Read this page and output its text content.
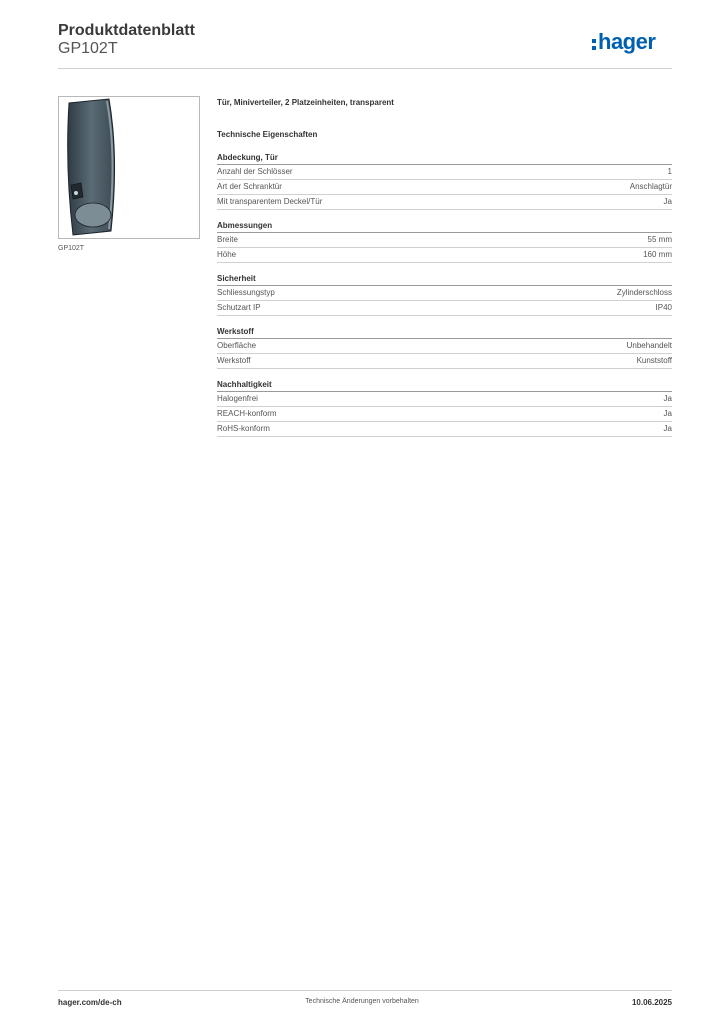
Produktdatenblatt
GP102T	hager
GP102T
Tür, Miniverteiler, 2 Platzeinheiten, transparent
Technische Eigenschaften
Abdeckung, Tür
Anzahl der Schlösser	1
Art der Schranktür	Anschlagtür
Mit transparentem Deckel/Tür	Ja
Abmessungen
Breite	55 mm
Höhe	160 mm
Sicherheit
Schliessungstyp	Zylinderschloss
Schutzart IP	IP40
Werkstoff
Oberfläche	Unbehandelt
Werkstoff	Kunststoff
Nachhaltigkeit
Halogenfrei	Ja
REACH-konform	Ja
RoHS-konform	Ja
hager.com/de-ch	Technische Änderungen vorbehalten	10.06.2025
